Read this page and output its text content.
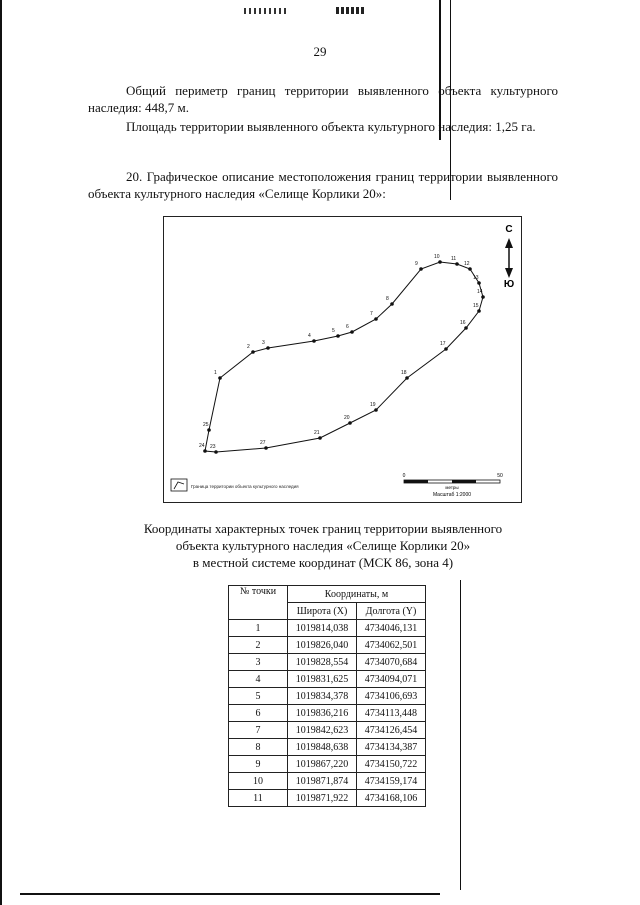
29
Общий периметр границ территории выявленного объекта культурного наследия: 448,7 м.
Площадь территории выявленного объекта культурного наследия: 1,25 га.
20. Графическое описание местоположения границ территории выявленного объекта культурного наследия «Селище Корлики 20»:
1
2
3
4
5
6
7
8
9
10 11
12
13
14
15
16
17
18
19
20
21
27
23
24
25
С
Ю
Граница территории объекта культурного наследия
0	50
метры
Масштаб 1:2000
Координаты характерных точек границ территории выявленного
объекта культурного наследия «Селище Корлики 20»
в местной системе координат (МСК 86, зона 4)
№ точки	Координаты, м	
	Широта (X)	Долгота (Y)
1	1019814,038	4734046,131
2	1019826,040	4734062,501
3	1019828,554	4734070,684
4	1019831,625	4734094,071
5	1019834,378	4734106,693
6	1019836,216	4734113,448
7	1019842,623	4734126,454
8	1019848,638	4734134,387
9	1019867,220	4734150,722
10	1019871,874	4734159,174
11	1019871,922	4734168,106
